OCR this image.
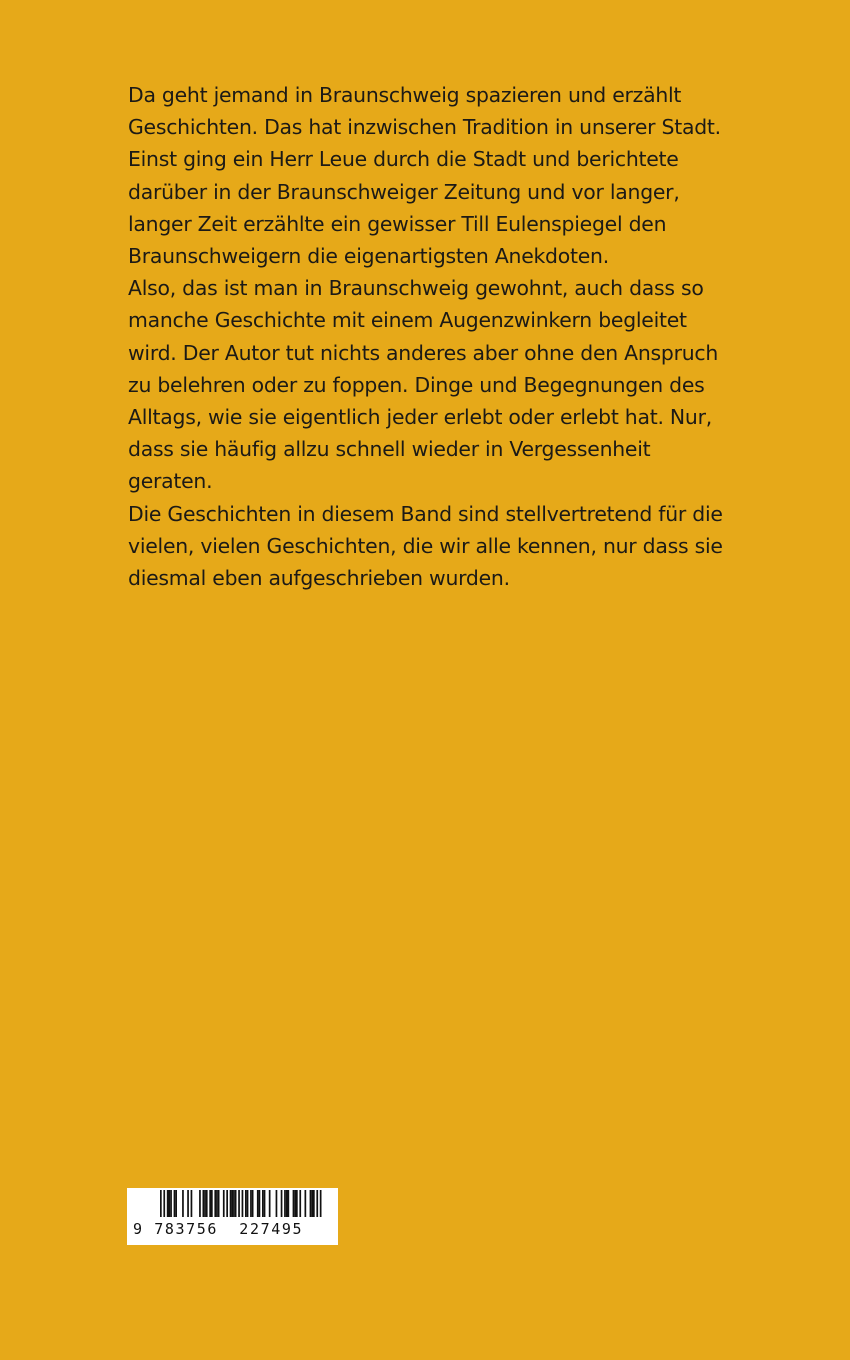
Da geht jemand in Braunschweig spazieren und erzählt Geschichten. Das hat inzwischen Tradition in unserer Stadt. Einst ging ein Herr Leue durch die Stadt und berichtete darüber in der Braunschweiger Zeitung und vor langer, langer Zeit erzählte ein gewisser Till Eulenspiegel den Braunschweigern die eigenartigsten Anekdoten.

Also, das ist man in Braunschweig gewohnt, auch dass so manche Geschichte mit einem Augenzwinkern begleitet wird. Der Autor tut nichts anderes aber ohne den Anspruch zu belehren oder zu foppen. Dinge und Begegnungen des Alltags, wie sie eigentlich jeder erlebt oder erlebt hat. Nur, dass sie häufig allzu schnell wieder in Vergessenheit geraten.

Die Geschichten in diesem Band sind stellvertretend für die vielen, vielen Geschichten, die wir alle kennen, nur dass sie diesmal eben aufgeschrieben wurden.

9 783756  227495
